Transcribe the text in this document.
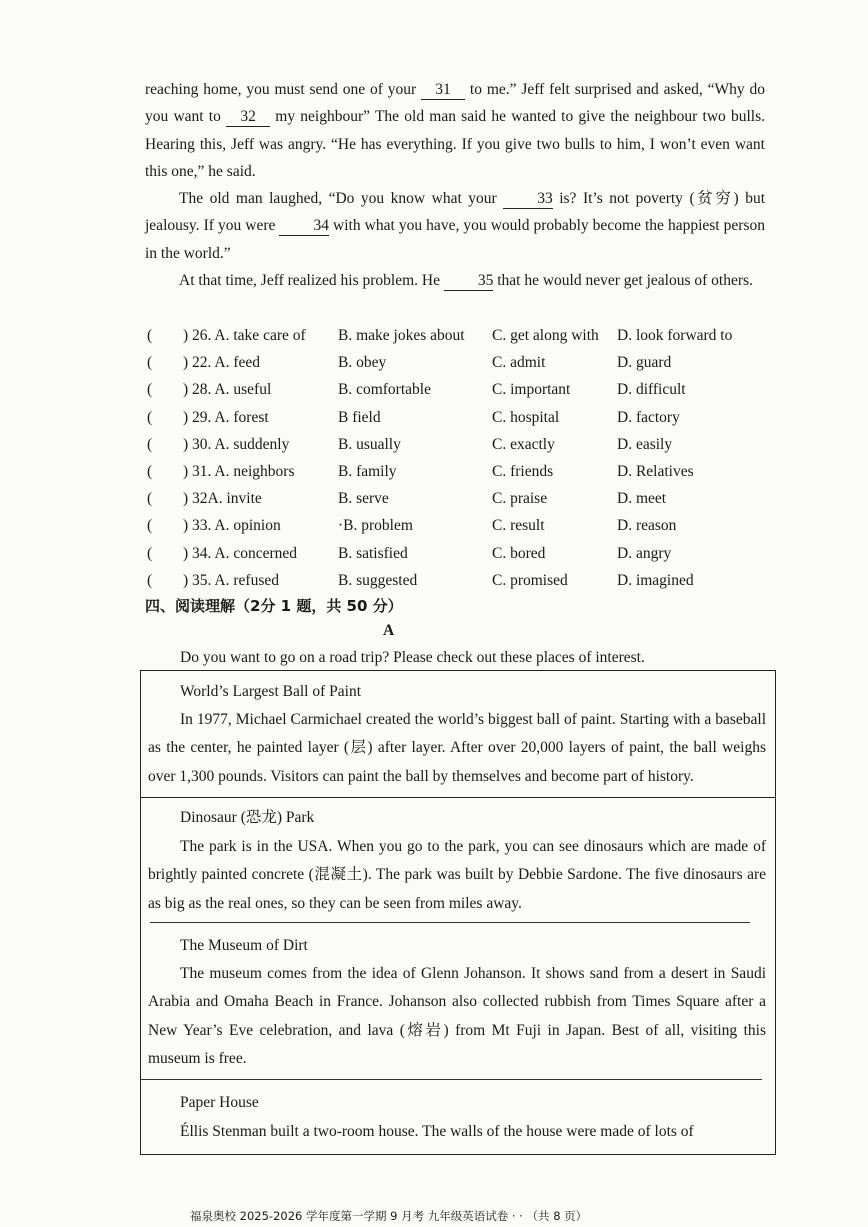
reaching home, you must send one of your 31 to me.” Jeff felt surprised and asked, “Why do you want to 32 my neighbour” The old man said he wanted to give the neighbour two bulls. Hearing this, Jeff was angry. “He has everything. If you give two bulls to him, I won’t even want this one,” he said.

The old man laughed, “Do you know what your 33 is? It’s not poverty (贫穷) but jealousy. If you were 34 with what you have, you would probably become the happiest person in the world.”

At that time, Jeff realized his problem. He 35 that he would never get jealous of others.

( ) 26. A. take care of B. make jokes about C. get along with D. look forward to
( ) 22. A. feed	B. obey	C. admit	D. guard
( ) 28. A. useful	B. comfortable	C. important	D. difficult
( ) 29. A. forest	B field	C. hospital	D. factory
( ) 30. A. suddenly	B. usually	C. exactly	D. easily
( ) 31. A. neighbors	B. family	C. friends	D. Relatives
( ) 32A. invite	B. serve	C. praise	D. meet
( ) 33. A. opinion	·B. problem	C. result	D. reason
( ) 34. A. concerned	B. satisfied	C. bored	D. angry
( ) 35. A. refused	B. suggested	C. promised	D. imagined
四、阅读理解（2分 1 题，共 50 分）
A
Do you want to go on a road trip? Please check out these places of interest.
World’s Largest Ball of Paint
In 1977, Michael Carmichael created the world’s biggest ball of paint. Starting with a baseball as the center, he painted layer (层) after layer. After over 20,000 layers of paint, the ball weighs over 1,300 pounds. Visitors can paint the ball by themselves and become part of history.
Dinosaur (恐龙) Park
The park is in the USA. When you go to the park, you can see dinosaurs which are made of brightly painted concrete (混凝土). The park was built by Debbie Sardone. The five dinosaurs are as big as the real ones, so they can be seen from miles away.
The Museum of Dirt
The museum comes from the idea of Glenn Johanson. It shows sand from a desert in Saudi Arabia and Omaha Beach in France. Johanson also collected rubbish from Times Square after a New Year’s Eve celebration, and lava (熔岩) from Mt Fuji in Japan. Best of all, visiting this museum is free.
Paper House
Éllis Stenman built a two-room house. The walls of the house were made of lots of
福泉奥校 2025-2026 学年度第一学期 9 月考 九年级英语试卷 · · （共 8 页）
